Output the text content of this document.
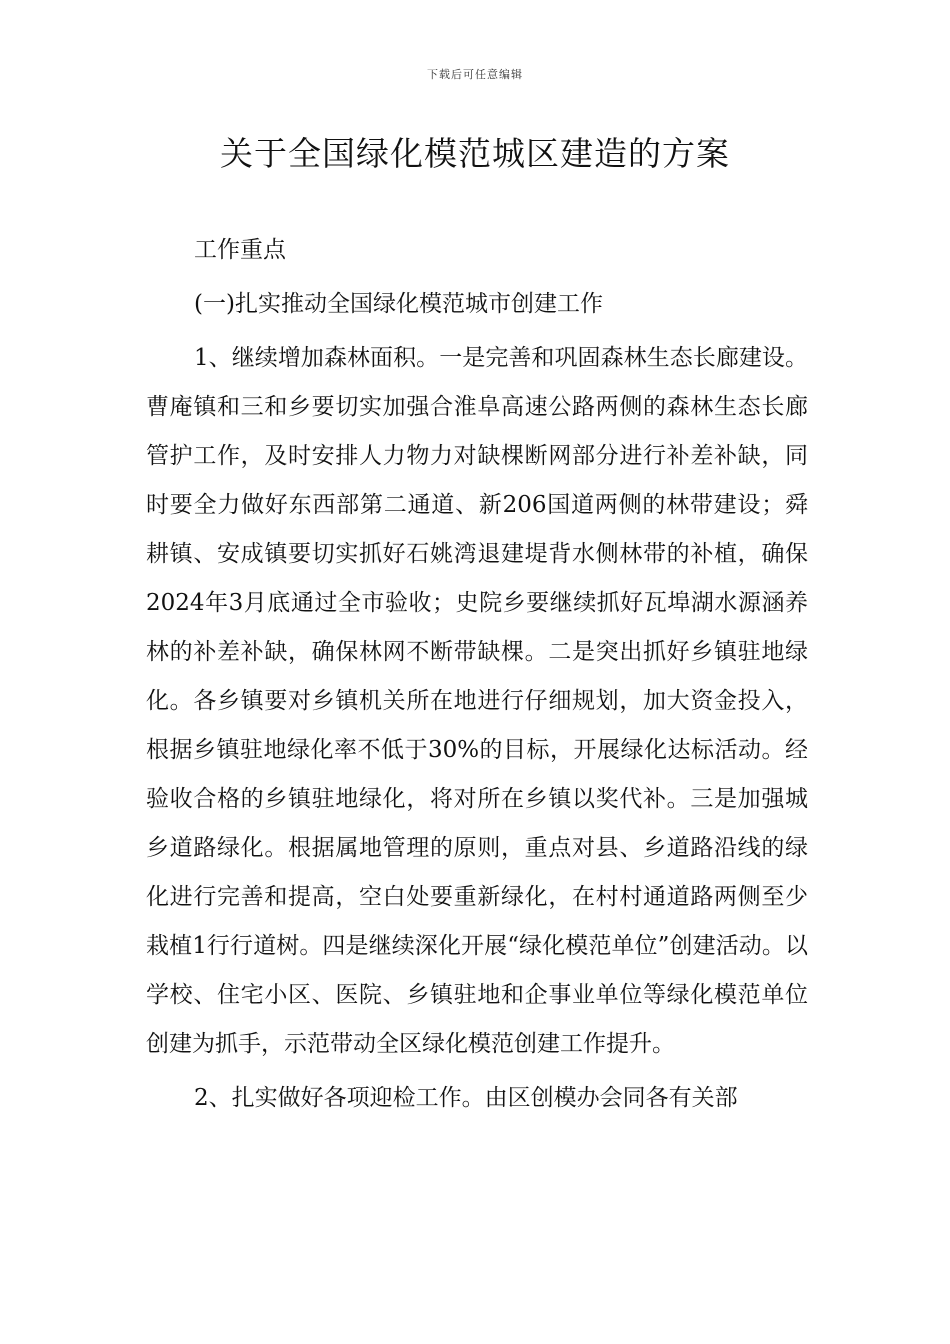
下载后可任意编辑
关于全国绿化模范城区建造的方案

工作重点

(一)扎实推动全国绿化模范城市创建工作

1、继续增加森林面积。一是完善和巩固森林生态长廊建设。曹庵镇和三和乡要切实加强合淮阜高速公路两侧的森林生态长廊管护工作，及时安排人力物力对缺棵断网部分进行补差补缺，同时要全力做好东西部第二通道、新206国道两侧的林带建设；舜耕镇、安成镇要切实抓好石姚湾退建堤背水侧林带的补植，确保2024年3月底通过全市验收；史院乡要继续抓好瓦埠湖水源涵养林的补差补缺，确保林网不断带缺棵。二是突出抓好乡镇驻地绿化。各乡镇要对乡镇机关所在地进行仔细规划，加大资金投入，根据乡镇驻地绿化率不低于30%的目标，开展绿化达标活动。经验收合格的乡镇驻地绿化，将对所在乡镇以奖代补。三是加强城乡道路绿化。根据属地管理的原则，重点对县、乡道路沿线的绿化进行完善和提高，空白处要重新绿化，在村村通道路两侧至少栽植1行行道树。四是继续深化开展“绿化模范单位”创建活动。以学校、住宅小区、医院、乡镇驻地和企事业单位等绿化模范单位创建为抓手，示范带动全区绿化模范创建工作提升。

2、扎实做好各项迎检工作。由区创模办会同各有关部
